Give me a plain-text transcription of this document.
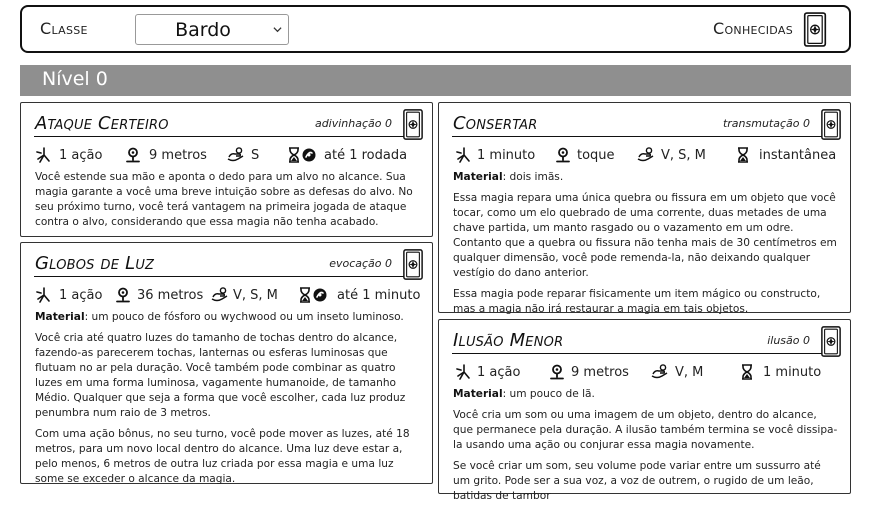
Classe	Bardo	Conhecidas
Nível 0
Ataque Certeiro	adivinhação 0
1 ação	9 metros	S	até 1 rodada

Você estende sua mão e aponta o dedo para um alvo no alcance. Sua magia garante a você uma breve intuição sobre as defesas do alvo. No seu próximo turno, você terá vantagem na primeira jogada de ataque contra o alvo, considerando que essa magia não tenha acabado.

Globos de Luz	evocação 0
1 ação	36 metros V, S, M	até 1 minuto

Material: um pouco de fósforo ou wychwood ou um inseto luminoso.

Você cria até quatro luzes do tamanho de tochas dentro do alcance, fazendo-as parecerem tochas, lanternas ou esferas luminosas que flutuam no ar pela duração. Você também pode combinar as quatro luzes em uma forma luminosa, vagamente humanoide, de tamanho Médio. Qualquer que seja a forma que você escolher, cada luz produz penumbra num raio de 3 metros.

Com uma ação bônus, no seu turno, você pode mover as luzes, até 18 metros, para um novo local dentro do alcance. Uma luz deve estar a, pelo menos, 6 metros de outra luz criada por essa magia e uma luz some se exceder o alcance da magia.

Consertar	transmutação 0
1 minuto	toque	V, S, M	instantânea

Material: dois imãs.

Essa magia repara uma única quebra ou fissura em um objeto que você tocar, como um elo quebrado de uma corrente, duas metades de uma chave partida, um manto rasgado ou o vazamento em um odre. Contanto que a quebra ou fissura não tenha mais de 30 centímetros em qualquer dimensão, você pode remenda-la, não deixando qualquer vestígio do dano anterior.

Essa magia pode reparar fisicamente um item mágico ou constructo, mas a magia não irá restaurar a magia em tais objetos.

Ilusão Menor	ilusão 0
1 ação	9 metros	V, M	1 minuto

Material: um pouco de lã.

Você cria um som ou uma imagem de um objeto, dentro do alcance, que permanece pela duração. A ilusão também termina se você dissipa-la usando uma ação ou conjurar essa magia novamente.

Se você criar um som, seu volume pode variar entre um sussurro até um grito. Pode ser a sua voz, a voz de outrem, o rugido de um leão, batidas de tambor
